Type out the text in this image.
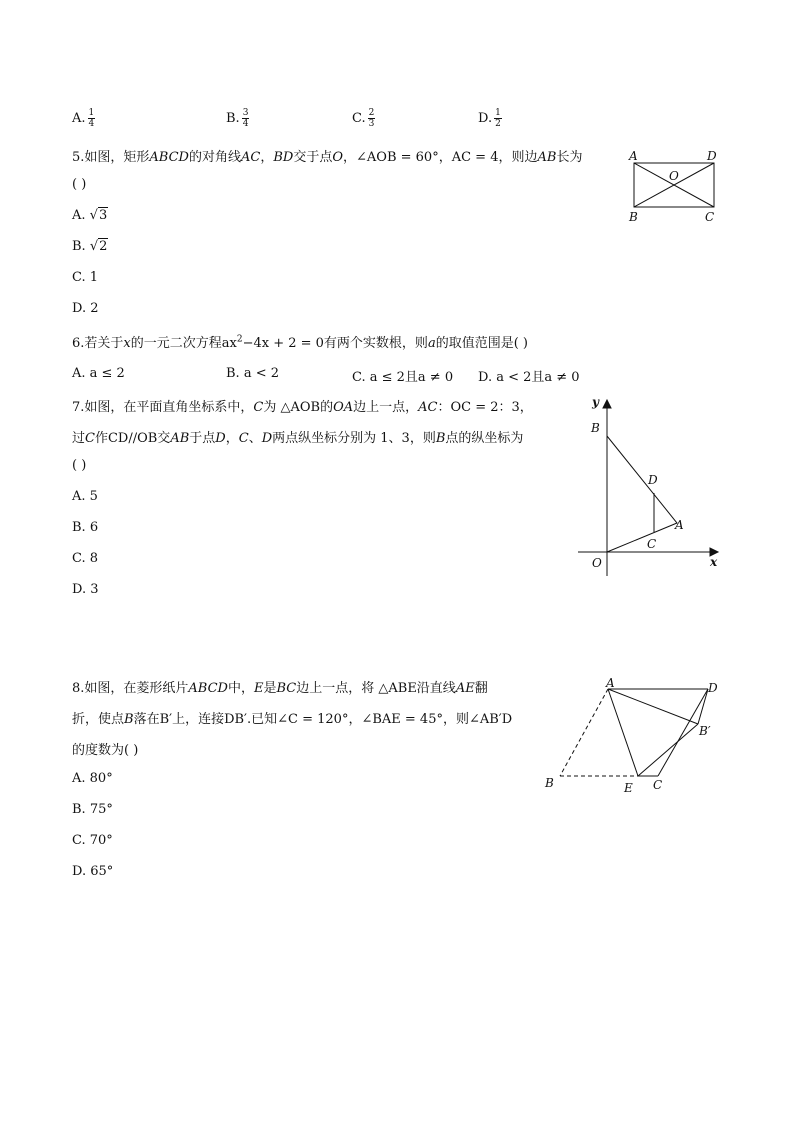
A. $\frac{1}{4}$	B. $\frac{3}{4}$	C. $\frac{2}{3}$	D. $\frac{1}{2}$
5.如图，矩形ABCD的对角线AC，BD交于点O，∠AOB = 60°，AC = 4，则边AB长为
( )
A. √3
B. √2
C. 1
D. 2
A	D
O
B	C
6.若关于x的一元二次方程$ax^2-4x + 2 = 0$有两个实数根，则a的取值范围是( )
A. a ≤ 2	B. a < 2	C. a ≤ 2且a ≠ 0 D. a < 2且a ≠ 0
7.如图，在平面直角坐标系中，C为 △AOB的OA边上一点，AC：OC = 2：3，
过C作CD//OB交AB于点D，C、D两点纵坐标分别为 1、3，则B点的纵坐标为
( )
A. 5
B. 6
C. 8
D. 3
y
x
B
D
A
C
O
8.如图，在菱形纸片ABCD中，E是BC边上一点，将 △ABE沿直线AE翻
折，使点B落在B′上，连接DB′.已知∠C = 120°，∠BAE = 45°，则∠AB′D
的度数为( )
A. 80°
B. 75°
C. 70°
D. 65°
A	D
B′
B	E C
